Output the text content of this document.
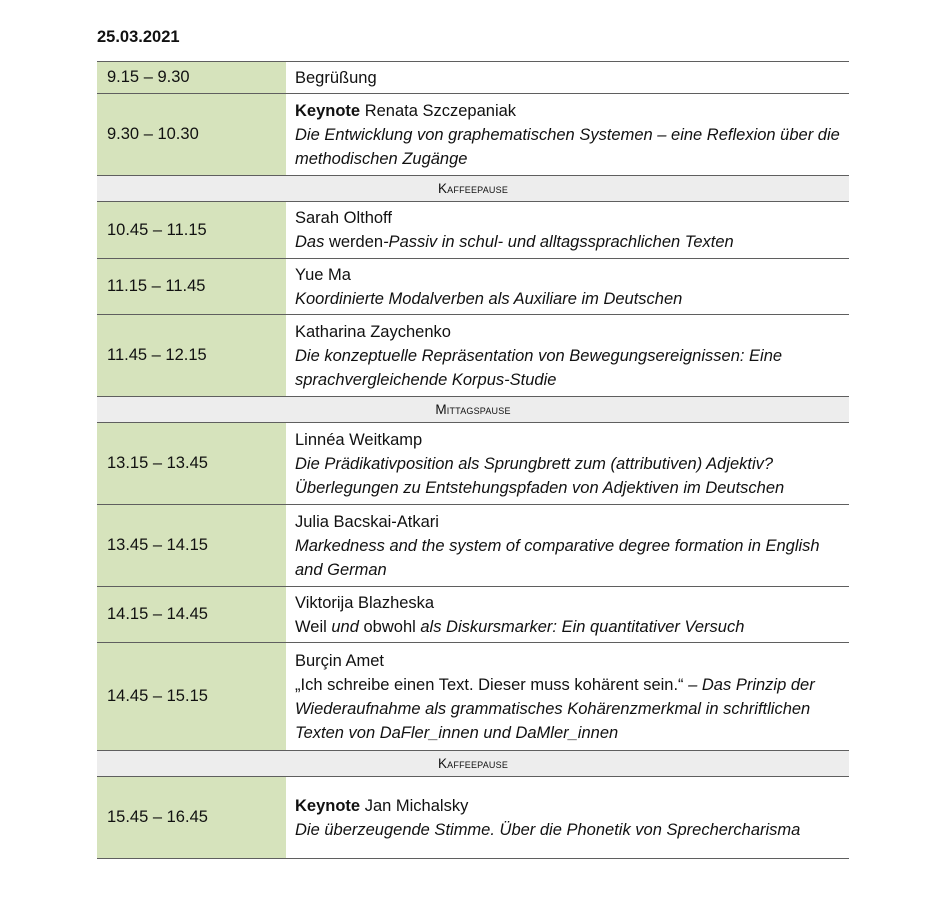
25.03.2021
9.15 – 9.30	Begrüßung

9.30 – 10.30	Keynote Renata Szczepaniak
Die Entwicklung von graphematischen Systemen – eine Reflexion über die methodischen Zugänge

Kaffeepause	
10.45 – 11.15	Sarah Olthoff
Das werden-Passiv in schul- und alltagssprachlichen Texten

11.15 – 11.45	Yue Ma
Koordinierte Modalverben als Auxiliare im Deutschen

11.45 – 12.15	Katharina Zaychenko
Die konzeptuelle Repräsentation von Bewegungsereignissen: Eine sprachvergleichende Korpus-Studie

Mittagspause	
13.15 – 13.45	Linnéa Weitkamp
Die Prädikativposition als Sprungbrett zum (attributiven) Adjektiv? Überlegungen zu Entstehungspfaden von Adjektiven im Deutschen

13.45 – 14.15	Julia Bacskai-Atkari
Markedness and the system of comparative degree formation in English and German

14.15 – 14.45	Viktorija Blazheska
Weil und obwohl als Diskursmarker: Ein quantitativer Versuch

14.45 – 15.15	Burçin Amet
„Ich schreibe einen Text. Dieser muss kohärent sein.“ – Das Prinzip der Wiederaufnahme als grammatisches Kohärenzmerkmal in schriftlichen Texten von DaFler_innen und DaMler_innen

Kaffeepause	
15.45 – 16.45	Keynote Jan Michalsky
Die überzeugende Stimme. Über die Phonetik von Sprechercharisma
